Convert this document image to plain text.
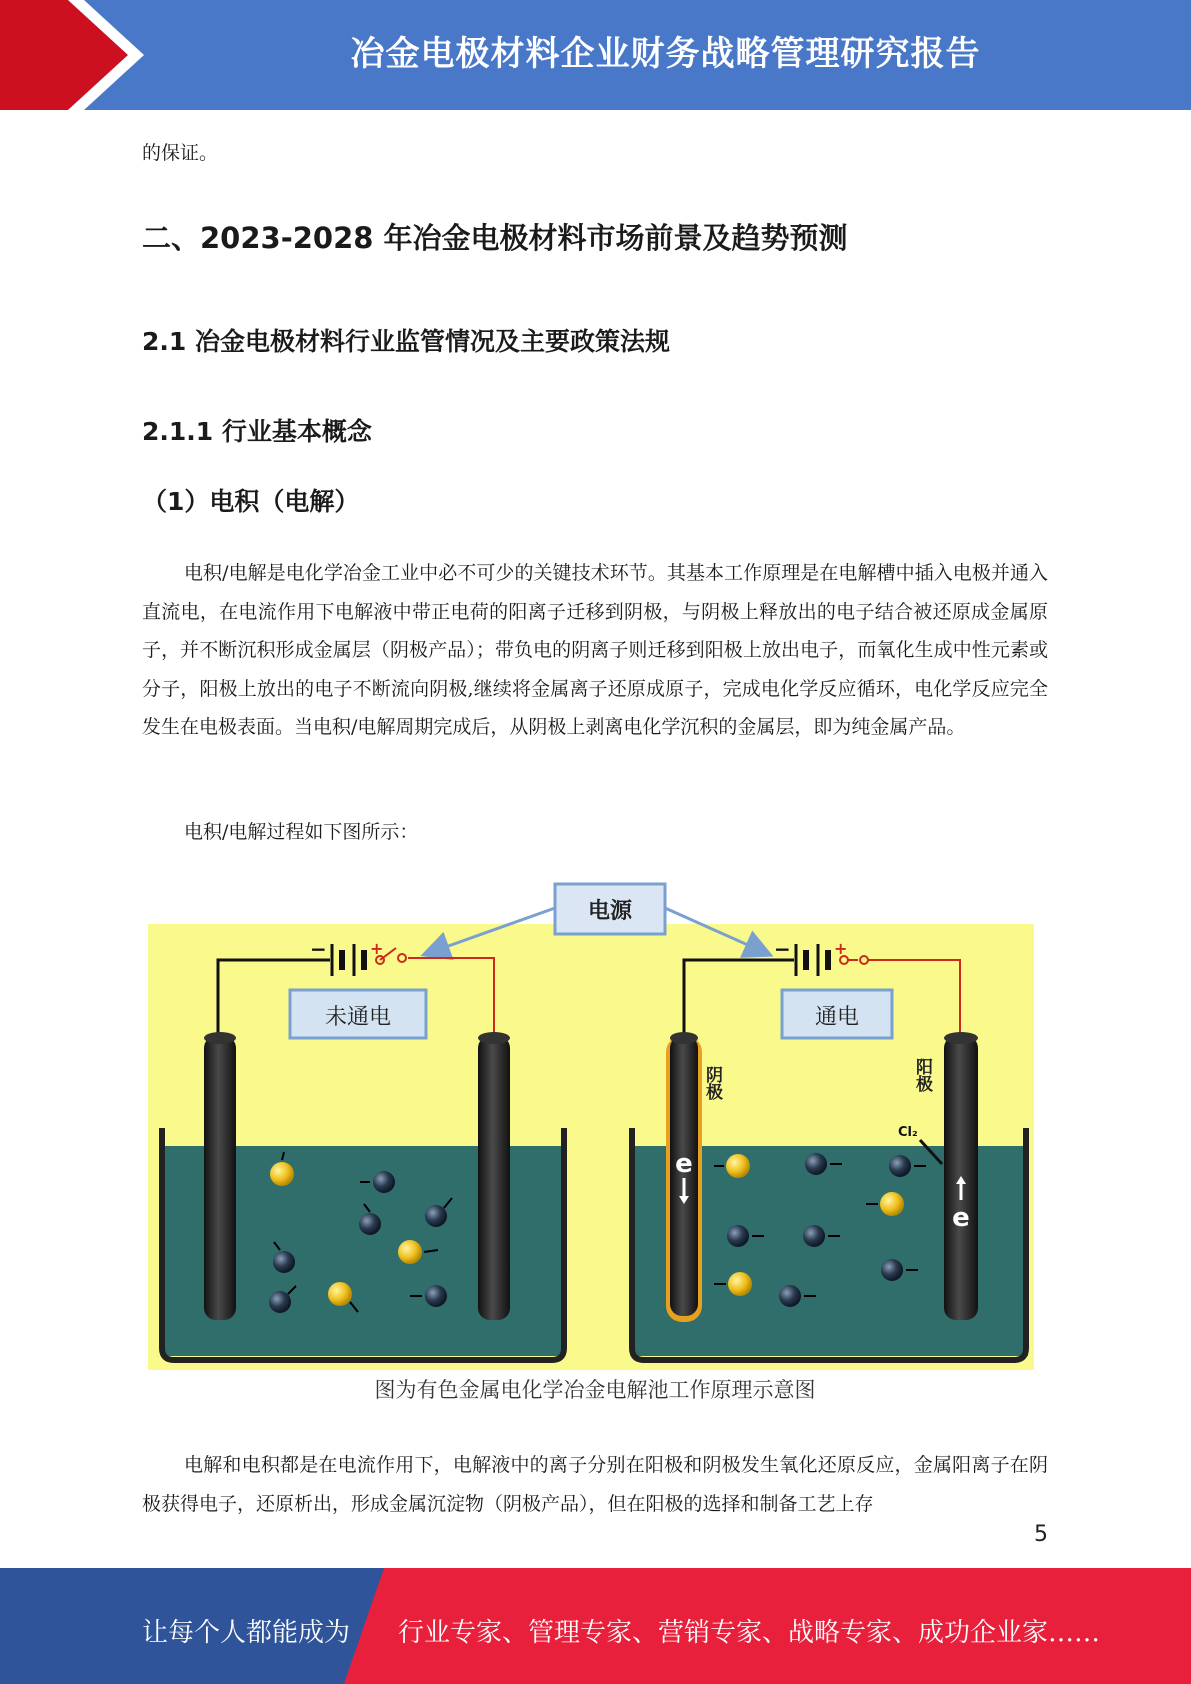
冶金电极材料企业财务战略管理研究报告
的保证。
二、2023-2028 年冶金电极材料市场前景及趋势预测
2.1 冶金电极材料行业监管情况及主要政策法规
2.1.1 行业基本概念
（1）电积（电解）
电积/电解是电化学冶金工业中必不可少的关键技术环节。其基本工作原理是在电解槽中插入电极并通入直流电，在电流作用下电解液中带正电荷的阳离子迁移到阴极，与阴极上释放出的电子结合被还原成金属原子，并不断沉积形成金属层（阴极产品）；带负电的阴离子则迁移到阳极上放出电子，而氧化生成中性元素或分子，阳极上放出的电子不断流向阴极,继续将金属离子还原成原子，完成电化学反应循环，电化学反应完全发生在电极表面。当电积/电解周期完成后，从阴极上剥离电化学沉积的金属层，即为纯金属产品。
电积/电解过程如下图所示：
电源
−	+
未通电
−	+
阴极	阳极
通电
Cl₂
e
e
图为有色金属电化学冶金电解池工作原理示意图
电解和电积都是在电流作用下，电解液中的离子分别在阳极和阴极发生氧化还原反应，金属阳离子在阴极获得电子，还原析出，形成金属沉淀物（阴极产品），但在阳极的选择和制备工艺上存
5
让每个人都能成为 行业专家、管理专家、营销专家、战略专家、成功企业家……
